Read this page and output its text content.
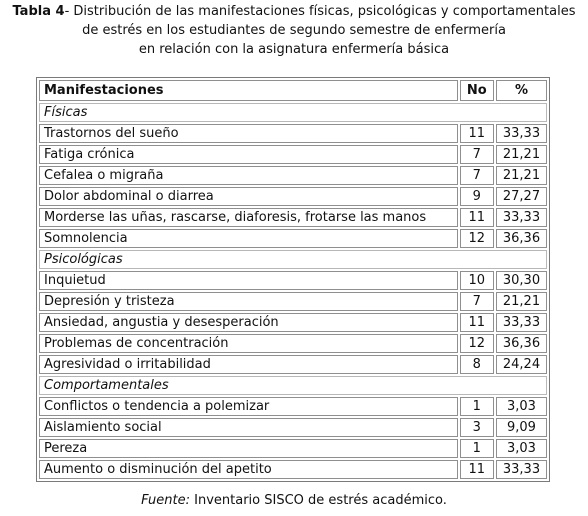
Tabla 4- Distribución de las manifestaciones físicas, psicológicas y comportamentales
de estrés en los estudiantes de segundo semestre de enfermería
en relación con la asignatura enfermería básica
Manifestaciones	No	%
Físicas		
Trastornos del sueño	11	33,33
Fatiga crónica	7	21,21
Cefalea o migraña	7	21,21
Dolor abdominal o diarrea	9	27,27
Morderse las uñas, rascarse, diaforesis, frotarse las manos	11	33,33
Somnolencia	12	36,36
Psicológicas		
Inquietud	10	30,30
Depresión y tristeza	7	21,21
Ansiedad, angustia y desesperación	11	33,33
Problemas de concentración	12	36,36
Agresividad o irritabilidad	8	24,24
Comportamentales		
Conflictos o tendencia a polemizar	1	3,03
Aislamiento social	3	9,09
Pereza	1	3,03
Aumento o disminución del apetito	11	33,33
Fuente: Inventario SISCO de estrés académico.
